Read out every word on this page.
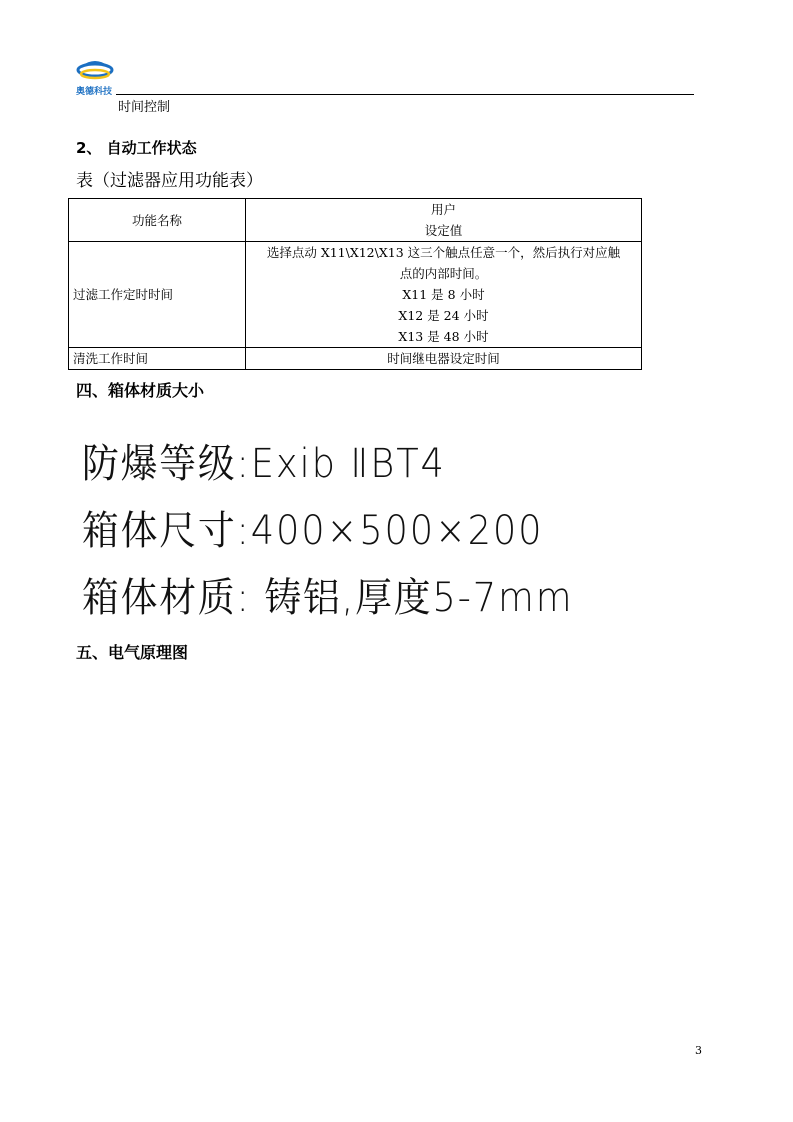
奥德科技
时间控制
2、 自动工作状态
表（过滤器应用功能表）
功能名称	用户
设定值

过滤工作定时时间	选择点动 X11\X12\X13 这三个触点任意一个，然后执行对应触
点的内部时间。
X11 是 8 小时
X12 是 24 小时
X13 是 48 小时

清洗工作时间	时间继电器设定时间
四、箱体材质大小
防爆等级:Exib ⅡBT4
箱体尺寸:400×500×200
箱体材质: 铸铝,厚度5-7mm
五、电气原理图
3
